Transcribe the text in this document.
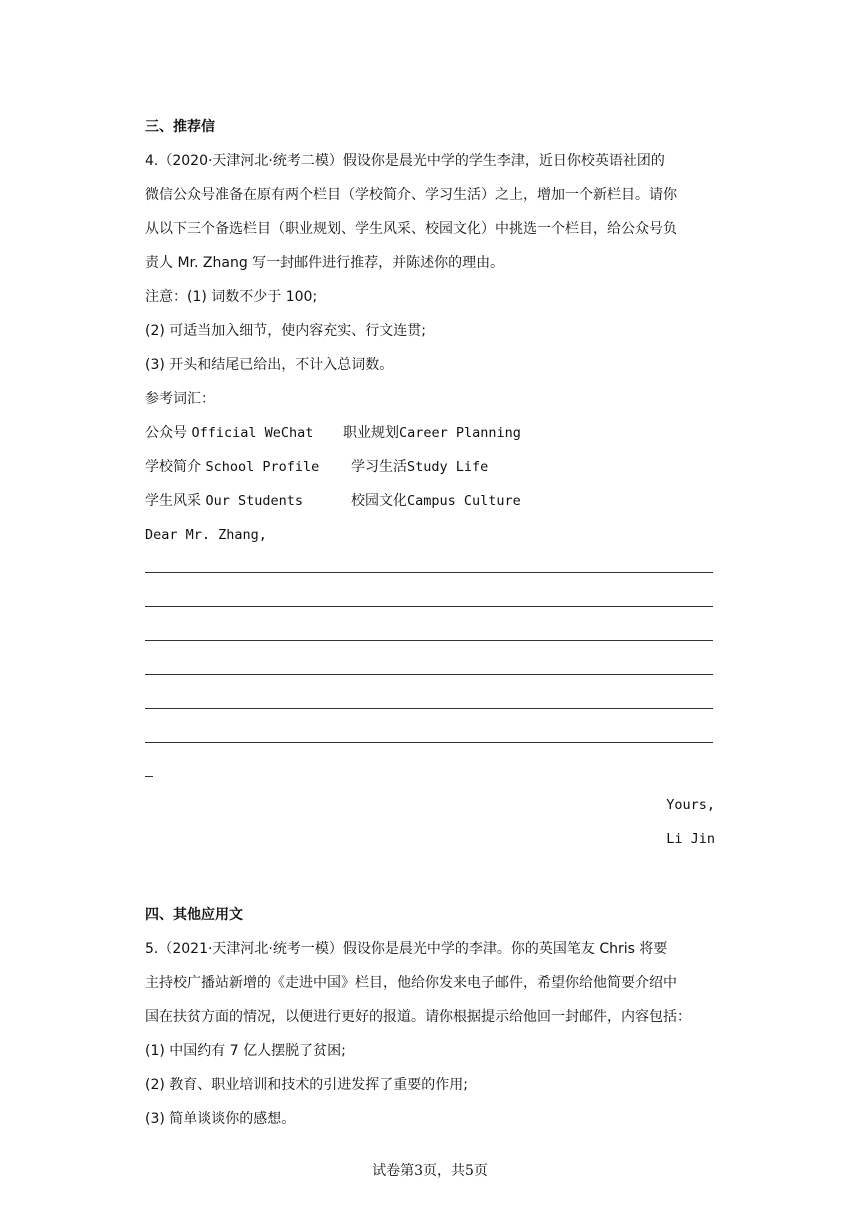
三、推荐信
4.（2020·天津河北·统考二模）假设你是晨光中学的学生李津，近日你校英语社团的
微信公众号准备在原有两个栏目（学校简介、学习生活）之上，增加一个新栏目。请你
从以下三个备选栏目（职业规划、学生风采、校园文化）中挑选一个栏目，给公众号负
责人 Mr. Zhang 写一封邮件进行推荐，并陈述你的理由。
注意：(1) 词数不少于 100;
(2) 可适当加入细节，使内容充实、行文连贯;
(3) 开头和结尾已给出，不计入总词数。
参考词汇：
公众号 Official WeChat 职业规划Career Planning
学校简介 School Profile 学习生活Study Life
学生风采 Our Students	校园文化Campus Culture
Dear Mr. Zhang,
Yours,
Li Jin
四、其他应用文
5.（2021·天津河北·统考一模）假设你是晨光中学的李津。你的英国笔友 Chris 将要
主持校广播站新增的《走进中国》栏目，他给你发来电子邮件，希望你给他简要介绍中
国在扶贫方面的情况，以便进行更好的报道。请你根据提示给他回一封邮件，内容包括：
(1) 中国约有 7 亿人摆脱了贫困;
(2) 教育、职业培训和技术的引进发挥了重要的作用;
(3) 简单谈谈你的感想。
试卷第3页，共5页
